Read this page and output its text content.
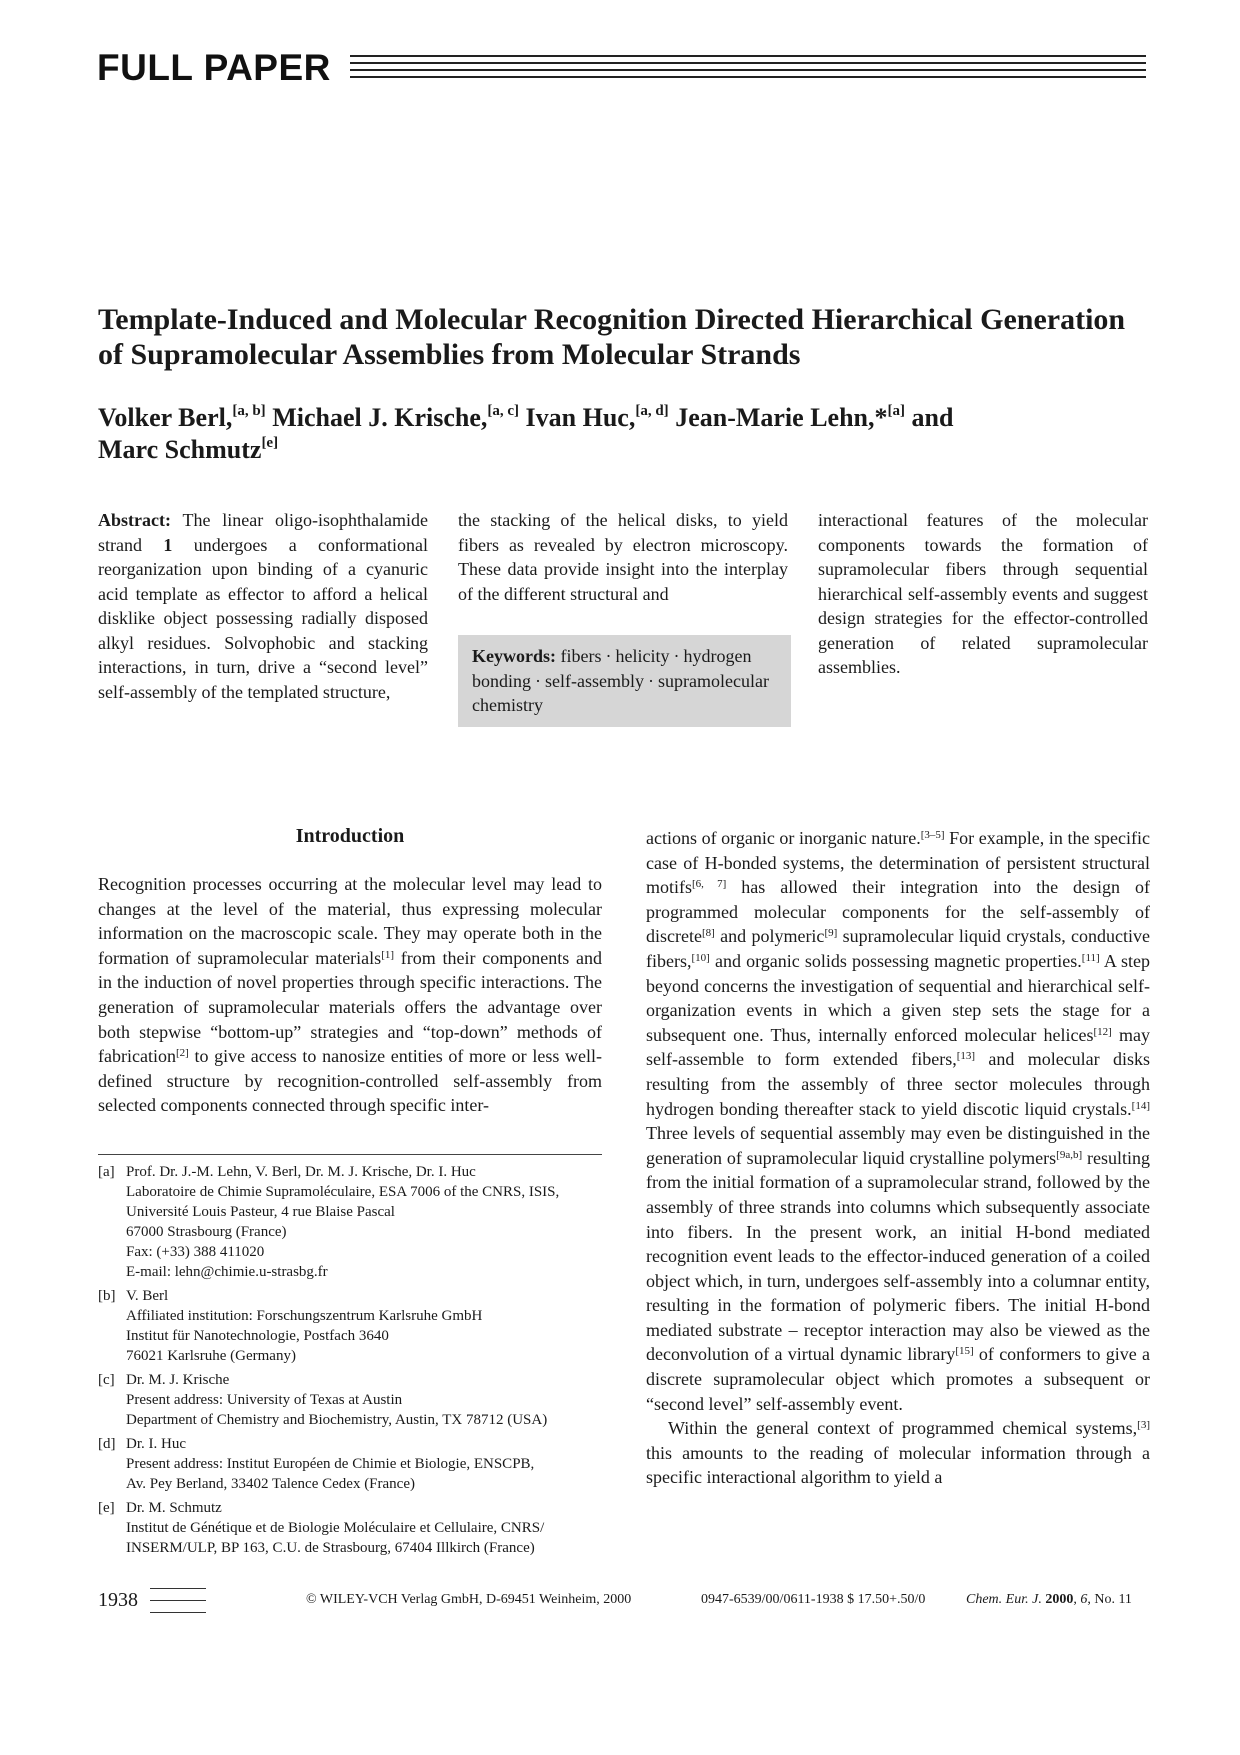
FULL PAPER
Template-Induced and Molecular Recognition Directed Hierarchical Generation of Supramolecular Assemblies from Molecular Strands
Volker Berl,[a, b] Michael J. Krische,[a, c] Ivan Huc,[a, d] Jean-Marie Lehn,*[a] and
Marc Schmutz[e]
Abstract: The linear oligo-isophthalamide strand 1 undergoes a conformational reorganization upon binding of a cyanuric acid template as effector to afford a helical disklike object possessing radially disposed alkyl residues. Solvophobic and stacking interactions, in turn, drive a “second level” self-assembly of the templated structure,
the stacking of the helical disks, to yield fibers as revealed by electron microscopy. These data provide insight into the interplay of the different structural and
Keywords: fibers · helicity · hydrogen bonding · self-assembly · supramolecular chemistry
interactional features of the molecular components towards the formation of supramolecular fibers through sequential hierarchical self-assembly events and suggest design strategies for the effector-controlled generation of related supramolecular assemblies.
Introduction
Recognition processes occurring at the molecular level may lead to changes at the level of the material, thus expressing molecular information on the macroscopic scale. They may operate both in the formation of supramolecular materials[1] from their components and in the induction of novel properties through specific interactions. The generation of supramolecular materials offers the advantage over both stepwise “bottom-up” strategies and “top-down” methods of fabrication[2] to give access to nanosize entities of more or less well-defined structure by recognition-controlled self-assembly from selected components connected through specific inter-
[a] Prof. Dr. J.-M. Lehn, V. Berl, Dr. M. J. Krische, Dr. I. Huc
Laboratoire de Chimie Supramoléculaire, ESA 7006 of the CNRS, ISIS,
Université Louis Pasteur, 4 rue Blaise Pascal
67000 Strasbourg (France)
Fax: (+33) 388 411020
E-mail: lehn@chimie.u-strasbg.fr
[b] V. Berl
Affiliated institution: Forschungszentrum Karlsruhe GmbH
Institut für Nanotechnologie, Postfach 3640
76021 Karlsruhe (Germany)
[c] Dr. M. J. Krische
Present address: University of Texas at Austin
Department of Chemistry and Biochemistry, Austin, TX 78712 (USA)
[d] Dr. I. Huc
Present address: Institut Européen de Chimie et Biologie, ENSCPB,
Av. Pey Berland, 33402 Talence Cedex (France)
[e] Dr. M. Schmutz
Institut de Génétique et de Biologie Moléculaire et Cellulaire, CNRS/
INSERM/ULP, BP 163, C.U. de Strasbourg, 67404 Illkirch (France)
actions of organic or inorganic nature.[3–5] For example, in the specific case of H-bonded systems, the determination of persistent structural motifs[6, 7] has allowed their integration into the design of programmed molecular components for the self-assembly of discrete[8] and polymeric[9] supramolecular liquid crystals, conductive fibers,[10] and organic solids possessing magnetic properties.[11] A step beyond concerns the investigation of sequential and hierarchical self-organization events in which a given step sets the stage for a subsequent one. Thus, internally enforced molecular helices[12] may self-assemble to form extended fibers,[13] and molecular disks resulting from the assembly of three sector molecules through hydrogen bonding thereafter stack to yield discotic liquid crystals.[14] Three levels of sequential assembly may even be distinguished in the generation of supramolecular liquid crystalline polymers[9a,b] resulting from the initial formation of a supramolecular strand, followed by the assembly of three strands into columns which subsequently associate into fibers. In the present work, an initial H-bond mediated recognition event leads to the effector-induced generation of a coiled object which, in turn, undergoes self-assembly into a columnar entity, resulting in the formation of polymeric fibers. The initial H-bond mediated substrate – receptor interaction may also be viewed as the deconvolution of a virtual dynamic library[15] of conformers to give a discrete supramolecular object which promotes a subsequent or “second level” self-assembly event.
Within the general context of programmed chemical systems,[3] this amounts to the reading of molecular information through a specific interactional algorithm to yield a
1938	© WILEY-VCH Verlag GmbH, D-69451 Weinheim, 2000	0947-6539/00/0611-1938 $ 17.50+.50/0	Chem. Eur. J. 2000, 6, No. 11
